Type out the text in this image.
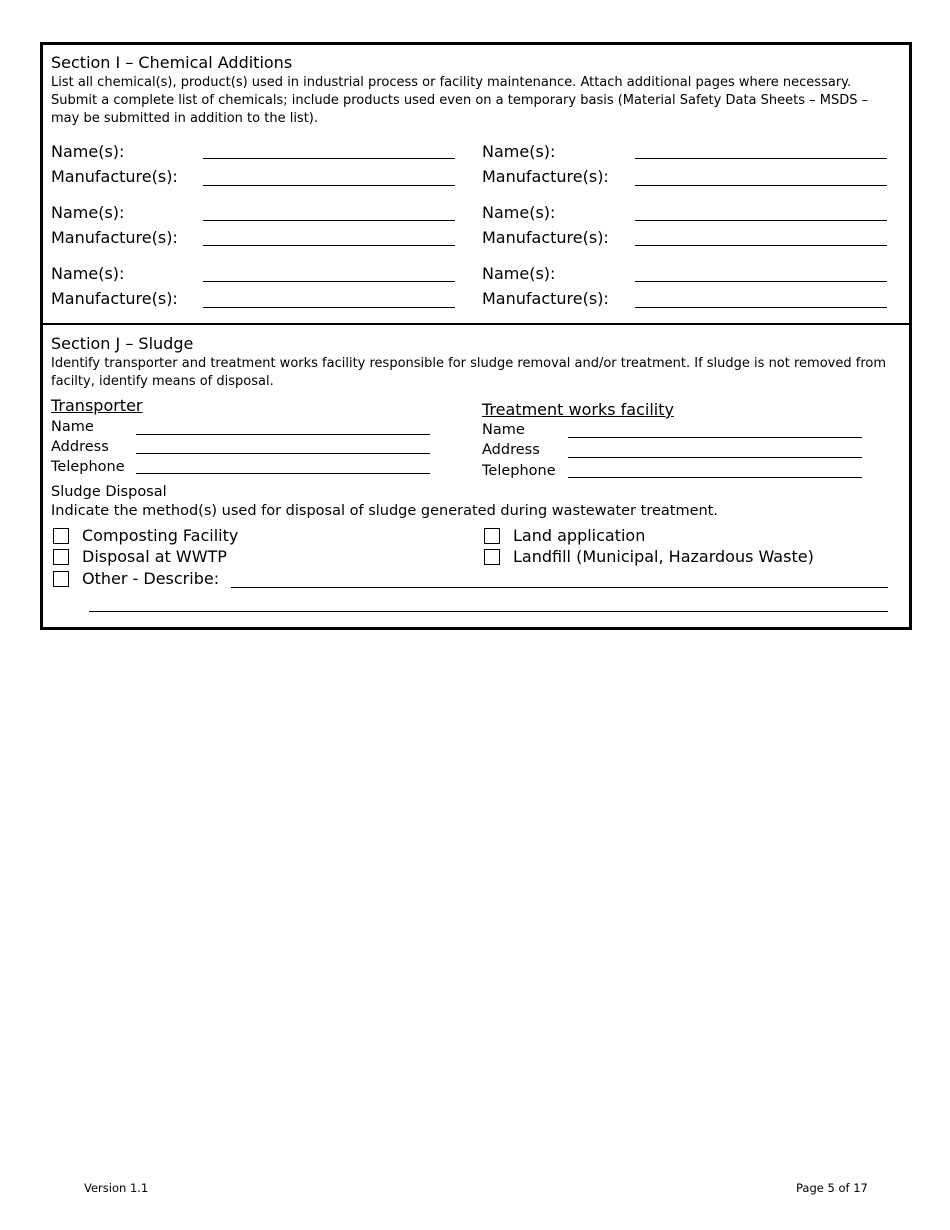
Section I – Chemical Additions
List all chemical(s), product(s) used in industrial process or facility maintenance. Attach additional pages where necessary. Submit a complete list of chemicals; include products used even on a temporary basis (Material Safety Data Sheets – MSDS – may be submitted in addition to the list).
Name(s):
Manufacture(s):
Name(s):
Manufacture(s):
Name(s):
Manufacture(s):
Name(s):
Manufacture(s):
Name(s):
Manufacture(s):
Name(s):
Manufacture(s):
Section J – Sludge
Identify transporter and treatment works facility responsible for sludge removal and/or treatment. If sludge is not removed from facilty, identify means of disposal.
Transporter
Name
Address
Telephone
Treatment works facility
Name
Address
Telephone
Sludge Disposal
Indicate the method(s) used for disposal of sludge generated during wastewater treatment.
Composting Facility
Disposal at WWTP
Other - Describe:
Land application
Landfill (Municipal, Hazardous Waste)
Version 1.1	Page 5 of 17
